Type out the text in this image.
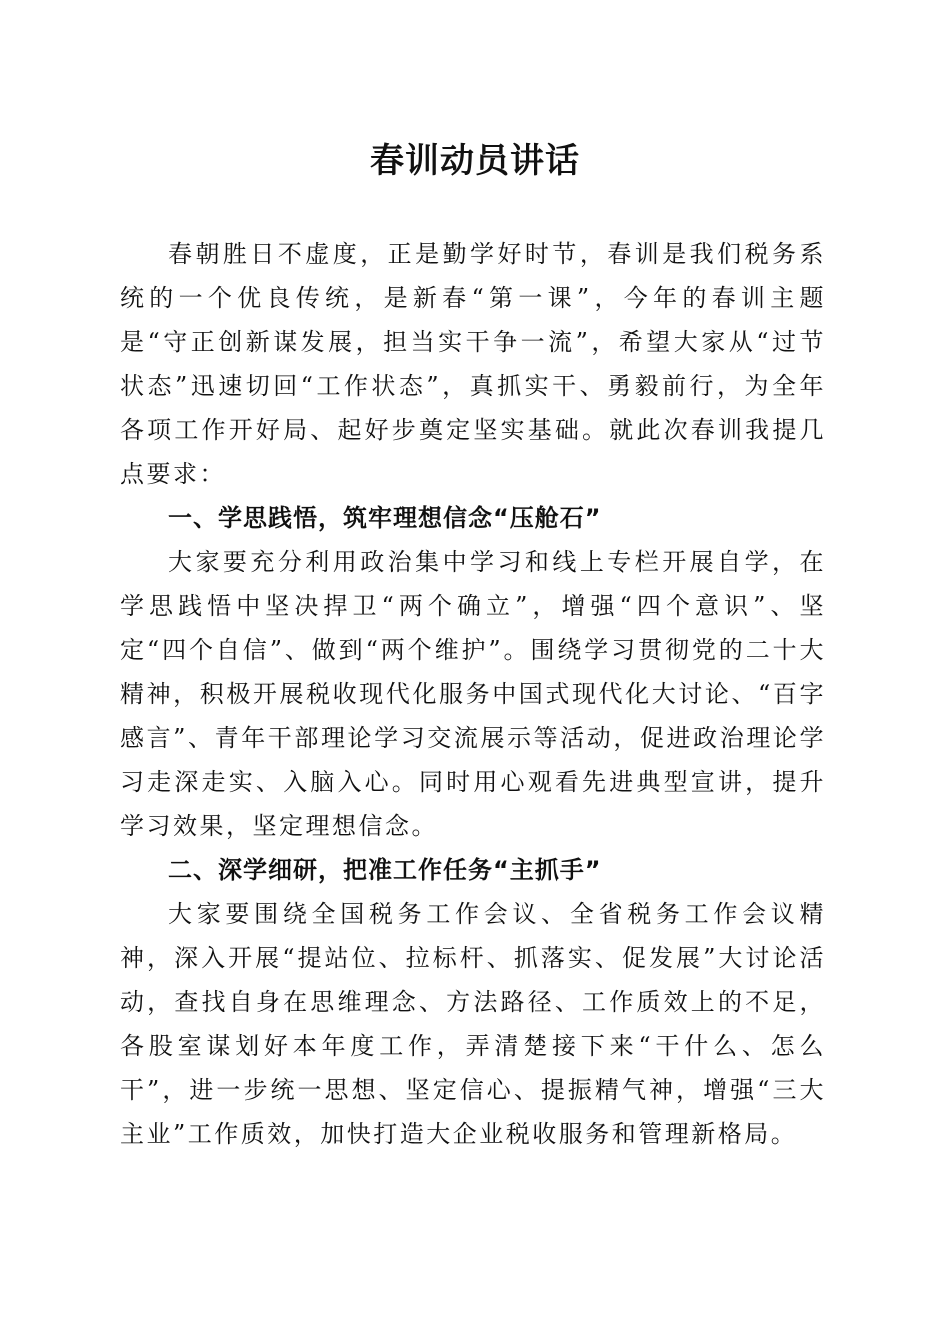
春训动员讲话

春朝胜日不虚度，正是勤学好时节，春训是我们税务系统的一个优良传统，是新春“第一课”，今年的春训主题是“守正创新谋发展，担当实干争一流”，希望大家从“过节状态”迅速切回“工作状态”，真抓实干、勇毅前行，为全年各项工作开好局、起好步奠定坚实基础。就此次春训我提几点要求：

一、学思践悟，筑牢理想信念“压舱石”

大家要充分利用政治集中学习和线上专栏开展自学，在学思践悟中坚决捍卫“两个确立”，增强“四个意识”、坚定“四个自信”、做到“两个维护”。围绕学习贯彻党的二十大精神，积极开展税收现代化服务中国式现代化大讨论、“百字感言”、青年干部理论学习交流展示等活动，促进政治理论学习走深走实、入脑入心。同时用心观看先进典型宣讲，提升学习效果，坚定理想信念。

二、深学细研，把准工作任务“主抓手”

大家要围绕全国税务工作会议、全省税务工作会议精神，深入开展“提站位、拉标杆、抓落实、促发展”大讨论活动，查找自身在思维理念、方法路径、工作质效上的不足，各股室谋划好本年度工作，弄清楚接下来“干什么、怎么干”，进一步统一思想、坚定信心、提振精气神，增强“三大主业”工作质效，加快打造大企业税收服务和管理新格局。
